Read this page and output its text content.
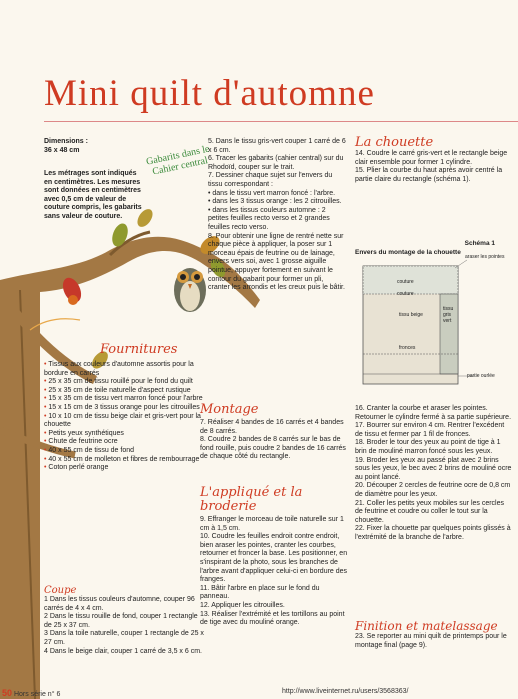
Mini quilt d'automne

Dimensions :

36 x 48 cm

Les métrages sont indiqués en centimètres. Les mesures sont données en centimètres avec 0,5 cm de valeur de couture compris, les gabarits sans valeur de couture.
Gabarits dans le Cahier central
Fournitures

• Tissus aux couleurs d'automne assortis pour la bordure en carrés

• 25 x 35 cm de tissu rouillé pour le fond du quilt

• 25 x 35 cm de toile naturelle d'aspect rustique

• 15 x 35 cm de tissu vert marron foncé pour l'arbre

• 15 x 15 cm de 3 tissus orange pour les citrouilles

• 10 x 10 cm de tissu beige clair et gris-vert pour la chouette

• Petits yeux synthétiques

• Chute de feutrine ocre

• 40 x 55 cm de tissu de fond

• 40 x 55 cm de molleton et fibres de rembourrage

• Coton perlé orange

Coupe

1 Dans les tissus couleurs d'automne, couper 96 carrés de 4 x 4 cm.

2 Dans le tissu rouille de fond, couper 1 rectangle de 25 x 37 cm.

3 Dans la toile naturelle, couper 1 rectangle de 25 x 27 cm.

4 Dans le beige clair, couper 1 carré de 3,5 x 6 cm.

5. Dans le tissu gris-vert couper 1 carré de 6 x 6 cm.

6. Tracer les gabarits (cahier central) sur du Rhodoïd, couper sur le trait.

7. Dessiner chaque sujet sur l'envers du tissu correspondant :

• dans le tissu vert marron foncé : l'arbre.

• dans les 3 tissus orange : les 2 citrouilles.

• dans les tissus couleurs automne : 2 petites feuilles recto verso et 2 grandes feuilles recto verso.

8. Pour obtenir une ligne de rentré nette sur chaque pièce à appliquer, la poser sur 1 morceau épais de feutrine ou de lainage, envers vers soi, avec 1 grosse aiguille pointue, appuyer fortement en suivant le contour du gabarit pour former un pli, cranter les arrondis et les creux puis le bâtir.

Montage

7. Réaliser 4 bandes de 16 carrés et 4 bandes de 8 carrés.

8. Coudre 2 bandes de 8 carrés sur le bas de fond rouille, puis coudre 2 bandes de 16 carrés de chaque côté du rectangle.

L'appliqué et la broderie

9. Effranger le morceau de toile naturelle sur 1 cm à 1,5 cm.

10. Coudre les feuilles endroit contre endroit, bien araser les pointes, cranter les courbes, retourner et froncer la base. Les positionner, en s'inspirant de la photo, sous les branches de l'arbre avant d'appliquer celui-ci en bordure des franges.

11. Bâtir l'arbre en place sur le fond du panneau.

12. Appliquer les citrouilles.

13. Réaliser l'extrémité et les tortillons au point de tige avec du mouliné orange.

La chouette

14. Coudre le carré gris-vert et le rectangle beige clair ensemble pour former 1 cylindre.

15. Plier la courbe du haut après avoir centré la partie claire du rectangle (schéma 1).

Schéma 1
Envers du montage de la chouette
araser les pointes
couture
couture
tissu beige
tissu gris vert
fronces
partie ourlée

16. Cranter la courbe et araser les pointes. Retourner le cylindre fermé à sa partie supérieure.

17. Bourrer sur environ 4 cm. Rentrer l'excédent de tissu et fermer par 1 fil de fronces.

18. Broder le tour des yeux au point de tige à 1 brin de mouliné marron foncé sous les yeux.

19. Broder les yeux au passé plat avec 2 brins sous les yeux, le bec avec 2 brins de mouliné ocre au point lancé.

20. Découper 2 cercles de feutrine ocre de 0,8 cm de diamètre pour les yeux.

21. Coller les petits yeux mobiles sur les cercles de feutrine et coudre ou coller le tout sur la chouette.

22. Fixer la chouette par quelques points glissés à l'extrémité de la branche de l'arbre.

Finition et matelassage

23. Se reporter au mini quilt de printemps pour le montage final (page 9).

50 Hors série n° 6	http://www.liveinternet.ru/users/3568363/
